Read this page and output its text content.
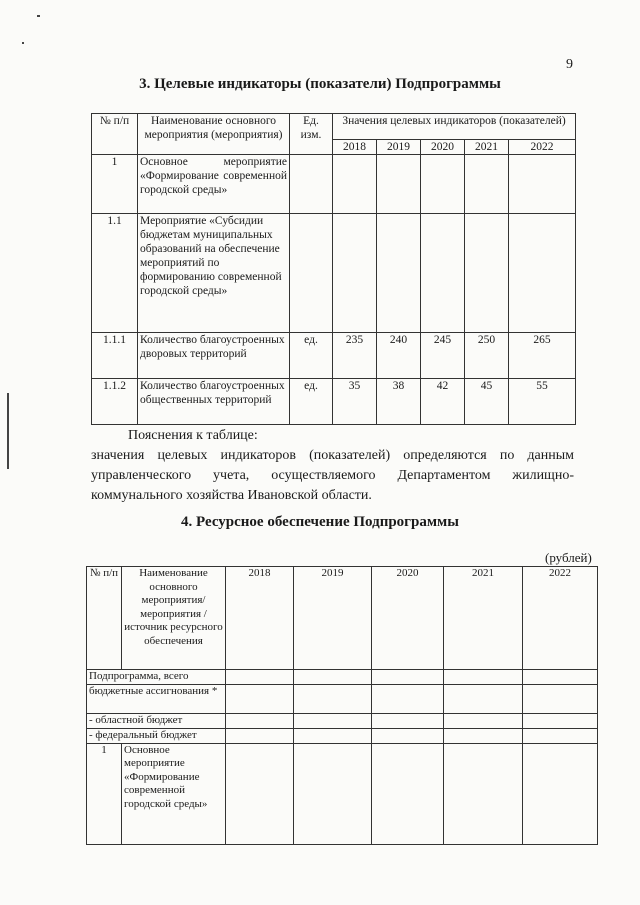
9
3. Целевые индикаторы (показатели) Подпрограммы
№ п/п	Наименование основного мероприятия (мероприятия)	Ед. изм.	Значения целевых индикаторов (показателей)				
			2018	2019	2020	2021	2022
1	Основное мероприятие «Формирование современной городской среды»						
1.1	Мероприятие «Субсидии бюджетам муниципальных образований на обеспечение мероприятий по формированию современной городской среды»						
1.1.1	Количество благоустроенных дворовых территорий	ед.	235	240	245	250	265
1.1.2	Количество благоустроенных общественных территорий	ед.	35	38	42	45	55
Пояснения к таблице:
значения целевых индикаторов (показателей) определяются по данным управленческого учета, осуществляемого Департаментом жилищно-коммунального хозяйства Ивановской области.
4. Ресурсное обеспечение Подпрограммы
(рублей)
№ п/п	Наименование основного мероприятия/ мероприятия /источник ресурсного обеспечения	2018	2019	2020	2021	2022
Подпрограмма, всего						
бюджетные ассигнования *						
- областной бюджет						
- федеральный бюджет						
1	Основное мероприятие «Формирование современной городской среды»					
